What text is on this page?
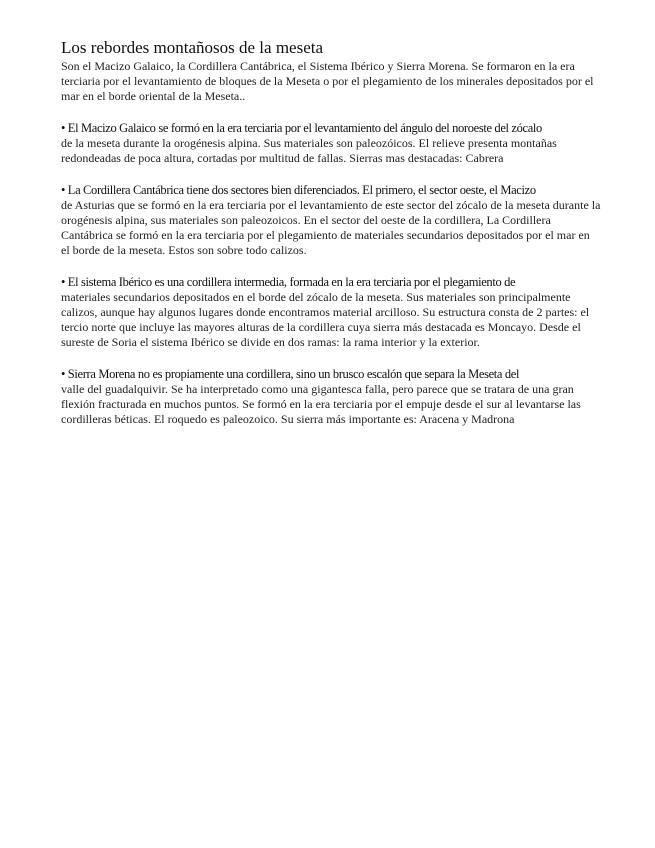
Los rebordes montañosos de la meseta

Son el Macizo Galaico, la Cordillera Cantábrica, el Sistema Ibérico y Sierra Morena. Se formaron en la era terciaria por el levantamiento de bloques de la Meseta o por el plegamiento de los minerales depositados por el mar en el borde oriental de la Meseta..

• El Macizo Galaico se formó en la era terciaria por el levantamiento del ángulo del noroeste del zócalo
de la meseta durante la orogénesis alpina. Sus materiales son paleozóicos. El relieve presenta montañas redondeadas de poca altura, cortadas por multitud de fallas. Sierras mas destacadas: Cabrera

• La Cordillera Cantábrica tiene dos sectores bien diferenciados. El primero, el sector oeste, el Macizo
de Asturias que se formó en la era terciaria por el levantamiento de este sector del zócalo de la meseta durante la orogénesis alpina, sus materiales son paleozoicos. En el sector del oeste de la cordillera, La Cordillera Cantábrica se formó en la era terciaria por el plegamiento de materiales secundarios depositados por el mar en el borde de la meseta. Estos son sobre todo calizos.

• El sistema Ibérico es una cordillera intermedia, formada en la era terciaria por el plegamiento de
materiales secundarios depositados en el borde del zócalo de la meseta. Sus materiales son principalmente calizos, aunque hay algunos lugares donde encontramos material arcilloso. Su estructura consta de 2 partes: el tercio norte que incluye las mayores alturas de la cordillera cuya sierra más destacada es Moncayo. Desde el sureste de Soria el sistema Ibérico se divide en dos ramas: la rama interior y la exterior.

• Sierra Morena no es propiamente una cordillera, sino un brusco escalón que separa la Meseta del
valle del guadalquivir. Se ha interpretado como una gigantesca falla, pero parece que se tratara de una gran flexión fracturada en muchos puntos. Se formó en la era terciaria por el empuje desde el sur al levantarse las cordilleras béticas. El roquedo es paleozoico. Su sierra más importante es: Aracena y Madrona
